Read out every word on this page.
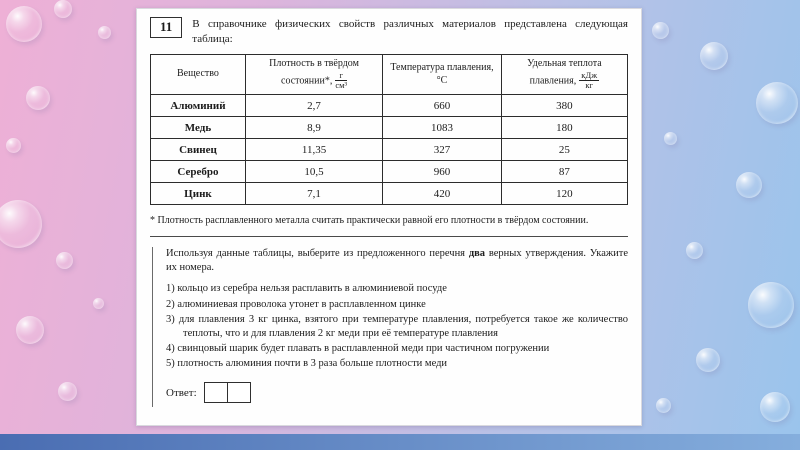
11	В справочнике физических свойств различных материалов представлена следующая таблица:

Вещество	Плотность в твёрдом состоянии*, $\frac{г}{\text{см³}}$	Температура плавления, °С	Удельная теплота плавления, $\frac{\text{кДж}}{кг}$

Алюминий	2,7	660	380
Медь	8,9	1083	180
Свинец	11,35	327	25
Серебро	10,5	960	87
Цинк	7,1	420	120
* Плотность расплавленного металла считать практически равной его плотности в твёрдом состоянии.

Используя данные таблицы, выберите из предложенного перечня два верных утверждения. Укажите их номера.

1) кольцо из серебра нельзя расплавить в алюминиевой посуде

2) алюминиевая проволока утонет в расплавленном цинке

3) для плавления 3 кг цинка, взятого при температуре плавления, потребуется такое же количество теплоты, что и для плавления 2 кг меди при её температуре плавления

4) свинцовый шарик будет плавать в расплавленной меди при частичном погружении

5) плотность алюминия почти в 3 раза больше плотности меди

Ответ:
